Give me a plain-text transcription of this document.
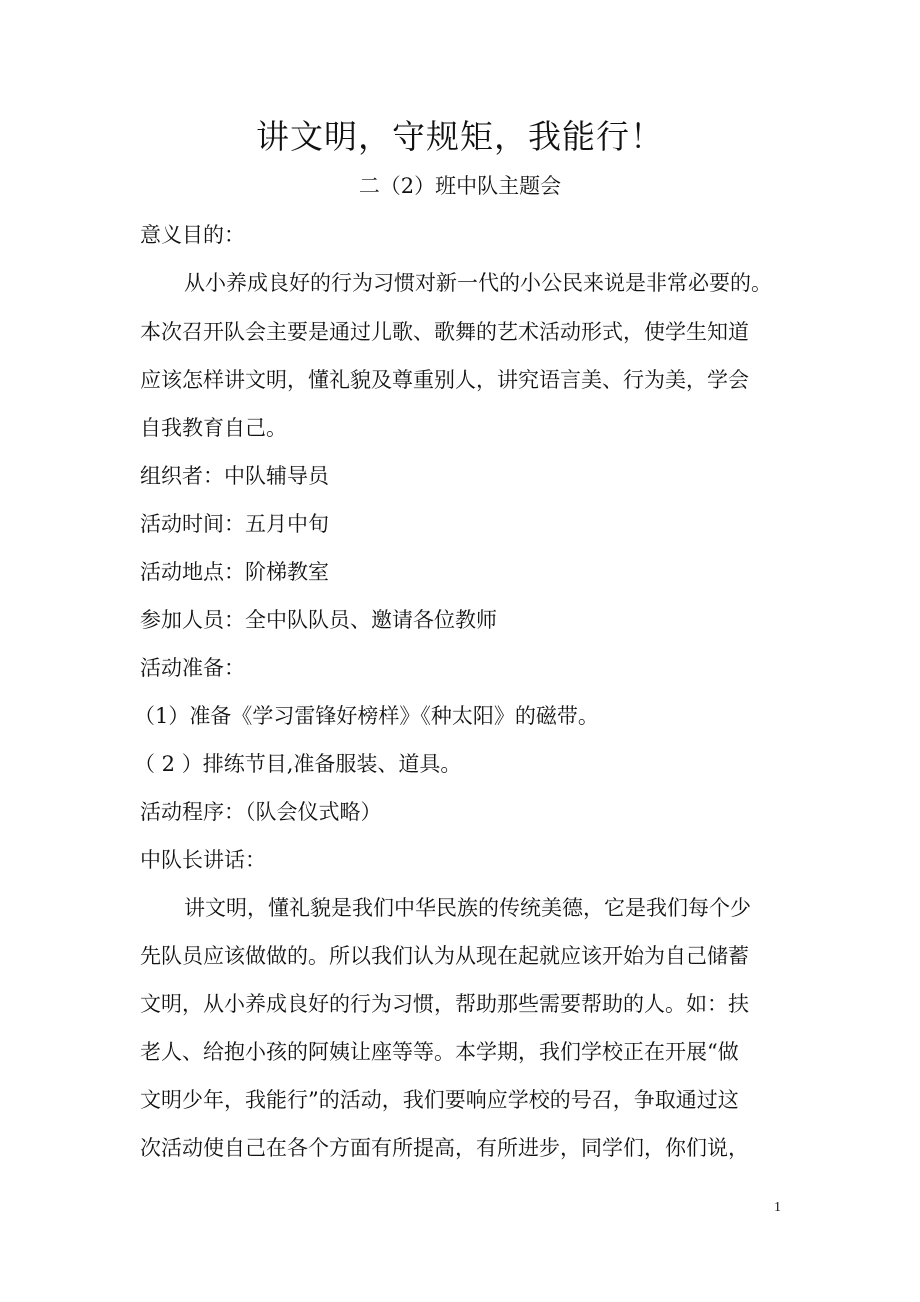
讲文明，守规矩，我能行！
二（2）班中队主题会
意义目的：
从小养成良好的行为习惯对新一代的小公民来说是非常必要的。
本次召开队会主要是通过儿歌、歌舞的艺术活动形式，使学生知道
应该怎样讲文明，懂礼貌及尊重别人，讲究语言美、行为美，学会
自我教育自己。
组织者：中队辅导员
活动时间：五月中旬
活动地点：阶梯教室
参加人员：全中队队员、邀请各位教师
活动准备：
（1）准备《学习雷锋好榜样》《种太阳》的磁带。
（ 2 ）排练节目,准备服装、道具。
活动程序：（队会仪式略）
中队长讲话：
讲文明，懂礼貌是我们中华民族的传统美德，它是我们每个少
先队员应该做做的。所以我们认为从现在起就应该开始为自己储蓄
文明，从小养成良好的行为习惯，帮助那些需要帮助的人。如：扶
老人、给抱小孩的阿姨让座等等。本学期，我们学校正在开展“做
文明少年，我能行”的活动，我们要响应学校的号召，争取通过这
次活动使自己在各个方面有所提高，有所进步，同学们，你们说，
1
